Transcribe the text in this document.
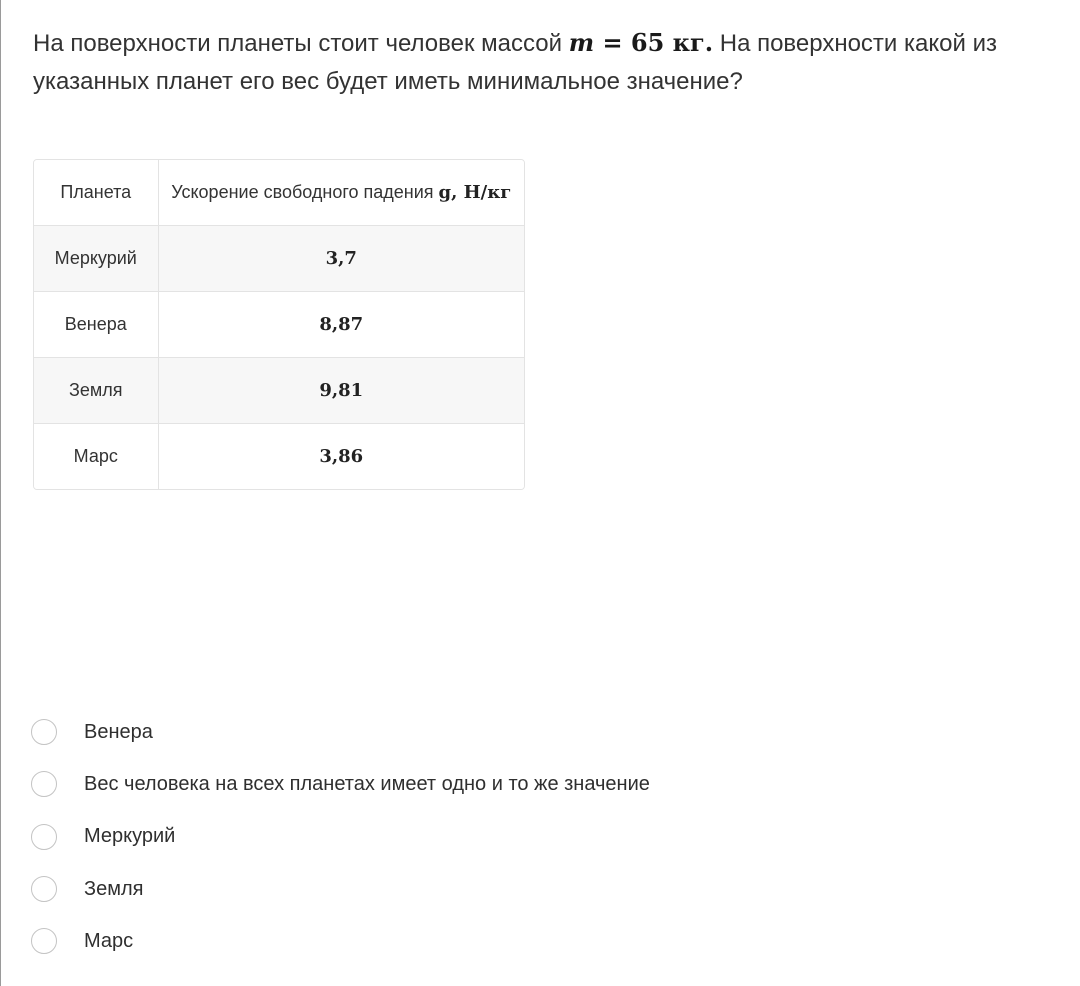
На поверхности планеты стоит человек массой m = 65 кг. На поверхности какой из указанных планет его вес будет иметь минимальное значение?
Планета	Ускорение свободного падения g, Н/кг
Меркурий	3,7
Венера	8,87
Земля	9,81
Марс	3,86
Венера
Вес человека на всех планетах имеет одно и то же значение
Меркурий
Земля
Марс
